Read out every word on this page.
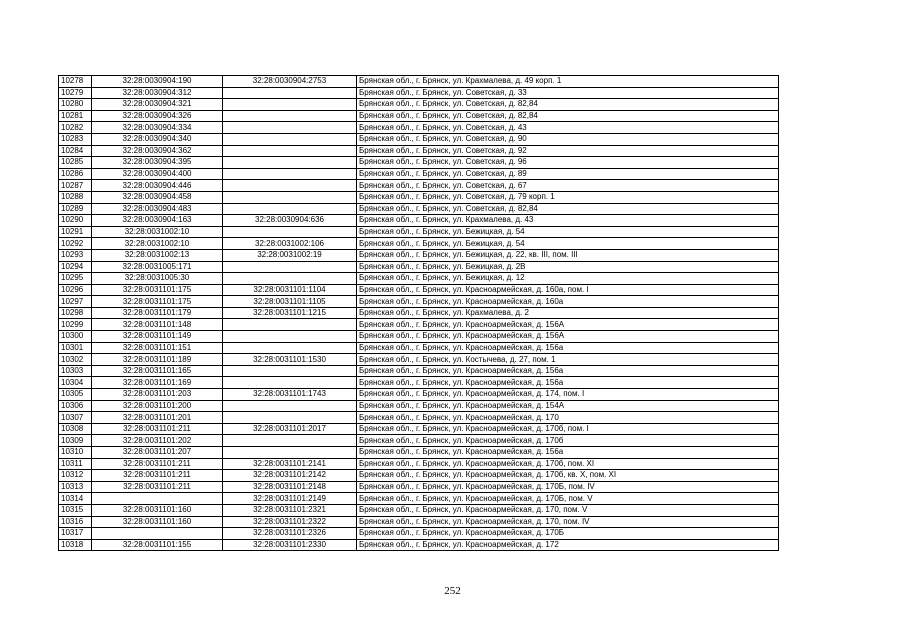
10278	32:28:0030904:190	32:28:0030904:2753	Брянская обл., г. Брянск, ул. Крахмалева, д. 49 корп. 1
10279	32:28:0030904:312		Брянская обл., г. Брянск, ул. Советская, д. 33
10280	32:28:0030904:321		Брянская обл., г. Брянск, ул. Советская, д. 82,84
10281	32:28:0030904:326		Брянская обл., г. Брянск, ул. Советская, д. 82,84
10282	32:28:0030904:334		Брянская обл., г. Брянск, ул. Советская, д. 43
10283	32:28:0030904:340		Брянская обл., г. Брянск, ул. Советская, д. 90
10284	32:28:0030904:362		Брянская обл., г. Брянск, ул. Советская, д. 92
10285	32:28:0030904:395		Брянская обл., г. Брянск, ул. Советская, д. 96
10286	32:28:0030904:400		Брянская обл., г. Брянск, ул. Советская, д. 89
10287	32:28:0030904:446		Брянская обл., г. Брянск, ул. Советская, д. 67
10288	32:28:0030904:458		Брянская обл., г. Брянск, ул. Советская, д. 79 корп. 1
10289	32:28:0030904:483		Брянская обл., г. Брянск, ул. Советская, д. 82,84
10290	32:28:0030904:163	32:28:0030904:636	Брянская обл., г. Брянск, ул. Крахмалева, д. 43
10291	32:28:0031002:10		Брянская обл., г. Брянск, ул. Бежицкая, д. 54
10292	32:28:0031002:10	32:28:0031002:106	Брянская обл., г. Брянск, ул. Бежицкая, д. 54
10293	32:28:0031002:13	32:28:0031002:19	Брянская обл., г. Брянск, ул. Бежицкая, д. 22, кв. III, пом. III
10294	32:28:0031005:171		Брянская обл., г. Брянск, ул. Бежицкая, д. 2В
10295	32:28:0031005:30		Брянская обл., г. Брянск, ул. Бежицкая, д. 12
10296	32:28:0031101:175	32:28:0031101:1104	Брянская обл., г. Брянск, ул. Красноармейская, д. 160а, пом. I
10297	32:28:0031101:175	32:28:0031101:1105	Брянская обл., г. Брянск, ул. Красноармейская, д. 160а
10298	32:28:0031101:179	32:28:0031101:1215	Брянская обл., г. Брянск, ул. Крахмалева, д. 2
10299	32:28:0031101:148		Брянская обл., г. Брянск, ул. Красноармейская, д. 156А
10300	32:28:0031101:149		Брянская обл., г. Брянск, ул. Красноармейская, д. 156А
10301	32:28:0031101:151		Брянская обл., г. Брянск, ул. Красноармейская, д. 156а
10302	32:28:0031101:189	32:28:0031101:1530	Брянская обл., г. Брянск, ул. Костычева, д. 27, пом. 1
10303	32:28:0031101:165		Брянская обл., г. Брянск, ул. Красноармейская, д. 156а
10304	32:28:0031101:169		Брянская обл., г. Брянск, ул. Красноармейская, д. 156а
10305	32:28:0031101:203	32:28:0031101:1743	Брянская обл., г. Брянск, ул. Красноармейская, д. 174, пом. I
10306	32:28:0031101:200		Брянская обл., г. Брянск, ул. Красноармейская, д. 154А
10307	32:28:0031101:201		Брянская обл., г. Брянск, ул. Красноармейская, д. 170
10308	32:28:0031101:211	32:28:0031101:2017	Брянская обл., г. Брянск, ул. Красноармейская, д. 170б, пом. I
10309	32:28:0031101:202		Брянская обл., г. Брянск, ул. Красноармейская, д. 170б
10310	32:28:0031101:207		Брянская обл., г. Брянск, ул. Красноармейская, д. 156а
10311	32:28:0031101:211	32:28:0031101:2141	Брянская обл., г. Брянск, ул. Красноармейская, д. 170б, пом. XI
10312	32:28:0031101:211	32:28:0031101:2142	Брянская обл., г. Брянск, ул. Красноармейская, д. 170б, кв. X, пом. XI
10313	32:28:0031101:211	32:28:0031101:2148	Брянская обл., г. Брянск, ул. Красноармейская, д. 170Б, пом. IV
10314		32:28:0031101:2149	Брянская обл., г. Брянск, ул. Красноармейская, д. 170Б, пом. V
10315	32:28:0031101:160	32:28:0031101:2321	Брянская обл., г. Брянск, ул. Красноармейская, д. 170, пом. V
10316	32:28:0031101:160	32:28:0031101:2322	Брянская обл., г. Брянск, ул. Красноармейская, д. 170, пом. IV
10317		32:28:0031101:2326	Брянская обл., г. Брянск, ул. Красноармейская, д. 170Б
10318	32:28:0031101:155	32:28:0031101:2330	Брянская обл., г. Брянск, ул. Красноармейская, д. 172
252
